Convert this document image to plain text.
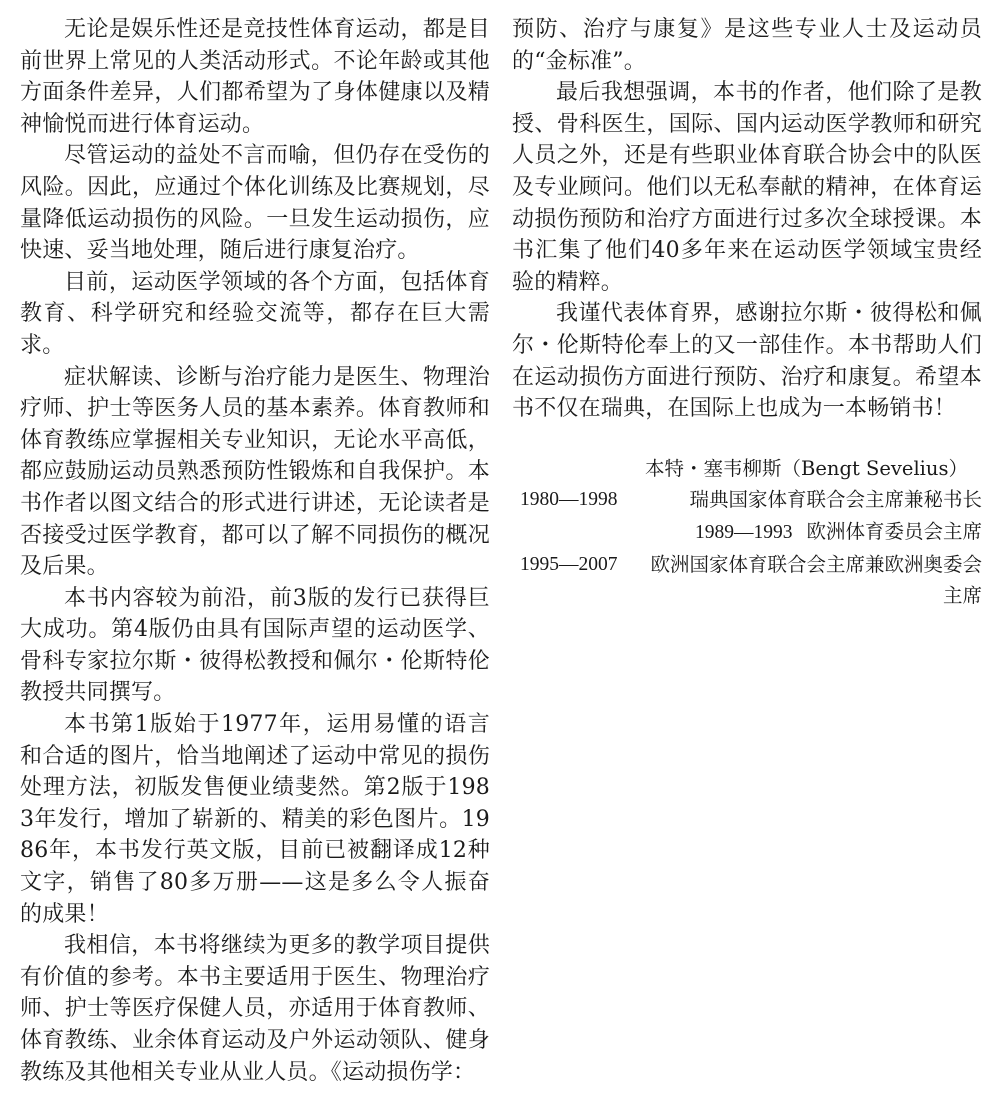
无论是娱乐性还是竞技性体育运动，都是目前世界上常见的人类活动形式。不论年龄或其他方面条件差异，人们都希望为了身体健康以及精神愉悦而进行体育运动。

尽管运动的益处不言而喻，但仍存在受伤的风险。因此，应通过个体化训练及比赛规划，尽量降低运动损伤的风险。一旦发生运动损伤，应快速、妥当地处理，随后进行康复治疗。

目前，运动医学领域的各个方面，包括体育教育、科学研究和经验交流等，都存在巨大需求。

症状解读、诊断与治疗能力是医生、物理治疗师、护士等医务人员的基本素养。体育教师和体育教练应掌握相关专业知识，无论水平高低，都应鼓励运动员熟悉预防性锻炼和自我保护。本书作者以图文结合的形式进行讲述，无论读者是否接受过医学教育，都可以了解不同损伤的概况及后果。

本书内容较为前沿，前3版的发行已获得巨大成功。第4版仍由具有国际声望的运动医学、骨科专家拉尔斯・彼得松教授和佩尔・伦斯特伦教授共同撰写。

本书第1版始于1977年，运用易懂的语言和合适的图片，恰当地阐述了运动中常见的损伤处理方法，初版发售便业绩斐然。第2版于1983年发行，增加了崭新的、精美的彩色图片。1986年，本书发行英文版，目前已被翻译成12种文字，销售了80多万册——这是多么令人振奋的成果！

我相信，本书将继续为更多的教学项目提供有价值的参考。本书主要适用于医生、物理治疗师、护士等医疗保健人员，亦适用于体育教师、体育教练、业余体育运动及户外运动领队、健身教练及其他相关专业从业人员。《运动损伤学：

预防、治疗与康复》是这些专业人士及运动员的“金标准”。

最后我想强调，本书的作者，他们除了是教授、骨科医生，国际、国内运动医学教师和研究人员之外，还是有些职业体育联合协会中的队医及专业顾问。他们以无私奉献的精神，在体育运动损伤预防和治疗方面进行过多次全球授课。本书汇集了他们40多年来在运动医学领域宝贵经验的精粹。

我谨代表体育界，感谢拉尔斯・彼得松和佩尔・伦斯特伦奉上的又一部佳作。本书帮助人们在运动损伤方面进行预防、治疗和康复。希望本书不仅在瑞典，在国际上也成为一本畅销书！

本特・塞韦柳斯（Bengt Sevelius）
1980—1998	瑞典国家体育联合会主席兼秘书长
1989—1993 欧洲体育委员会主席
1995—2007	欧洲国家体育联合会主席兼欧洲奥委会主席
